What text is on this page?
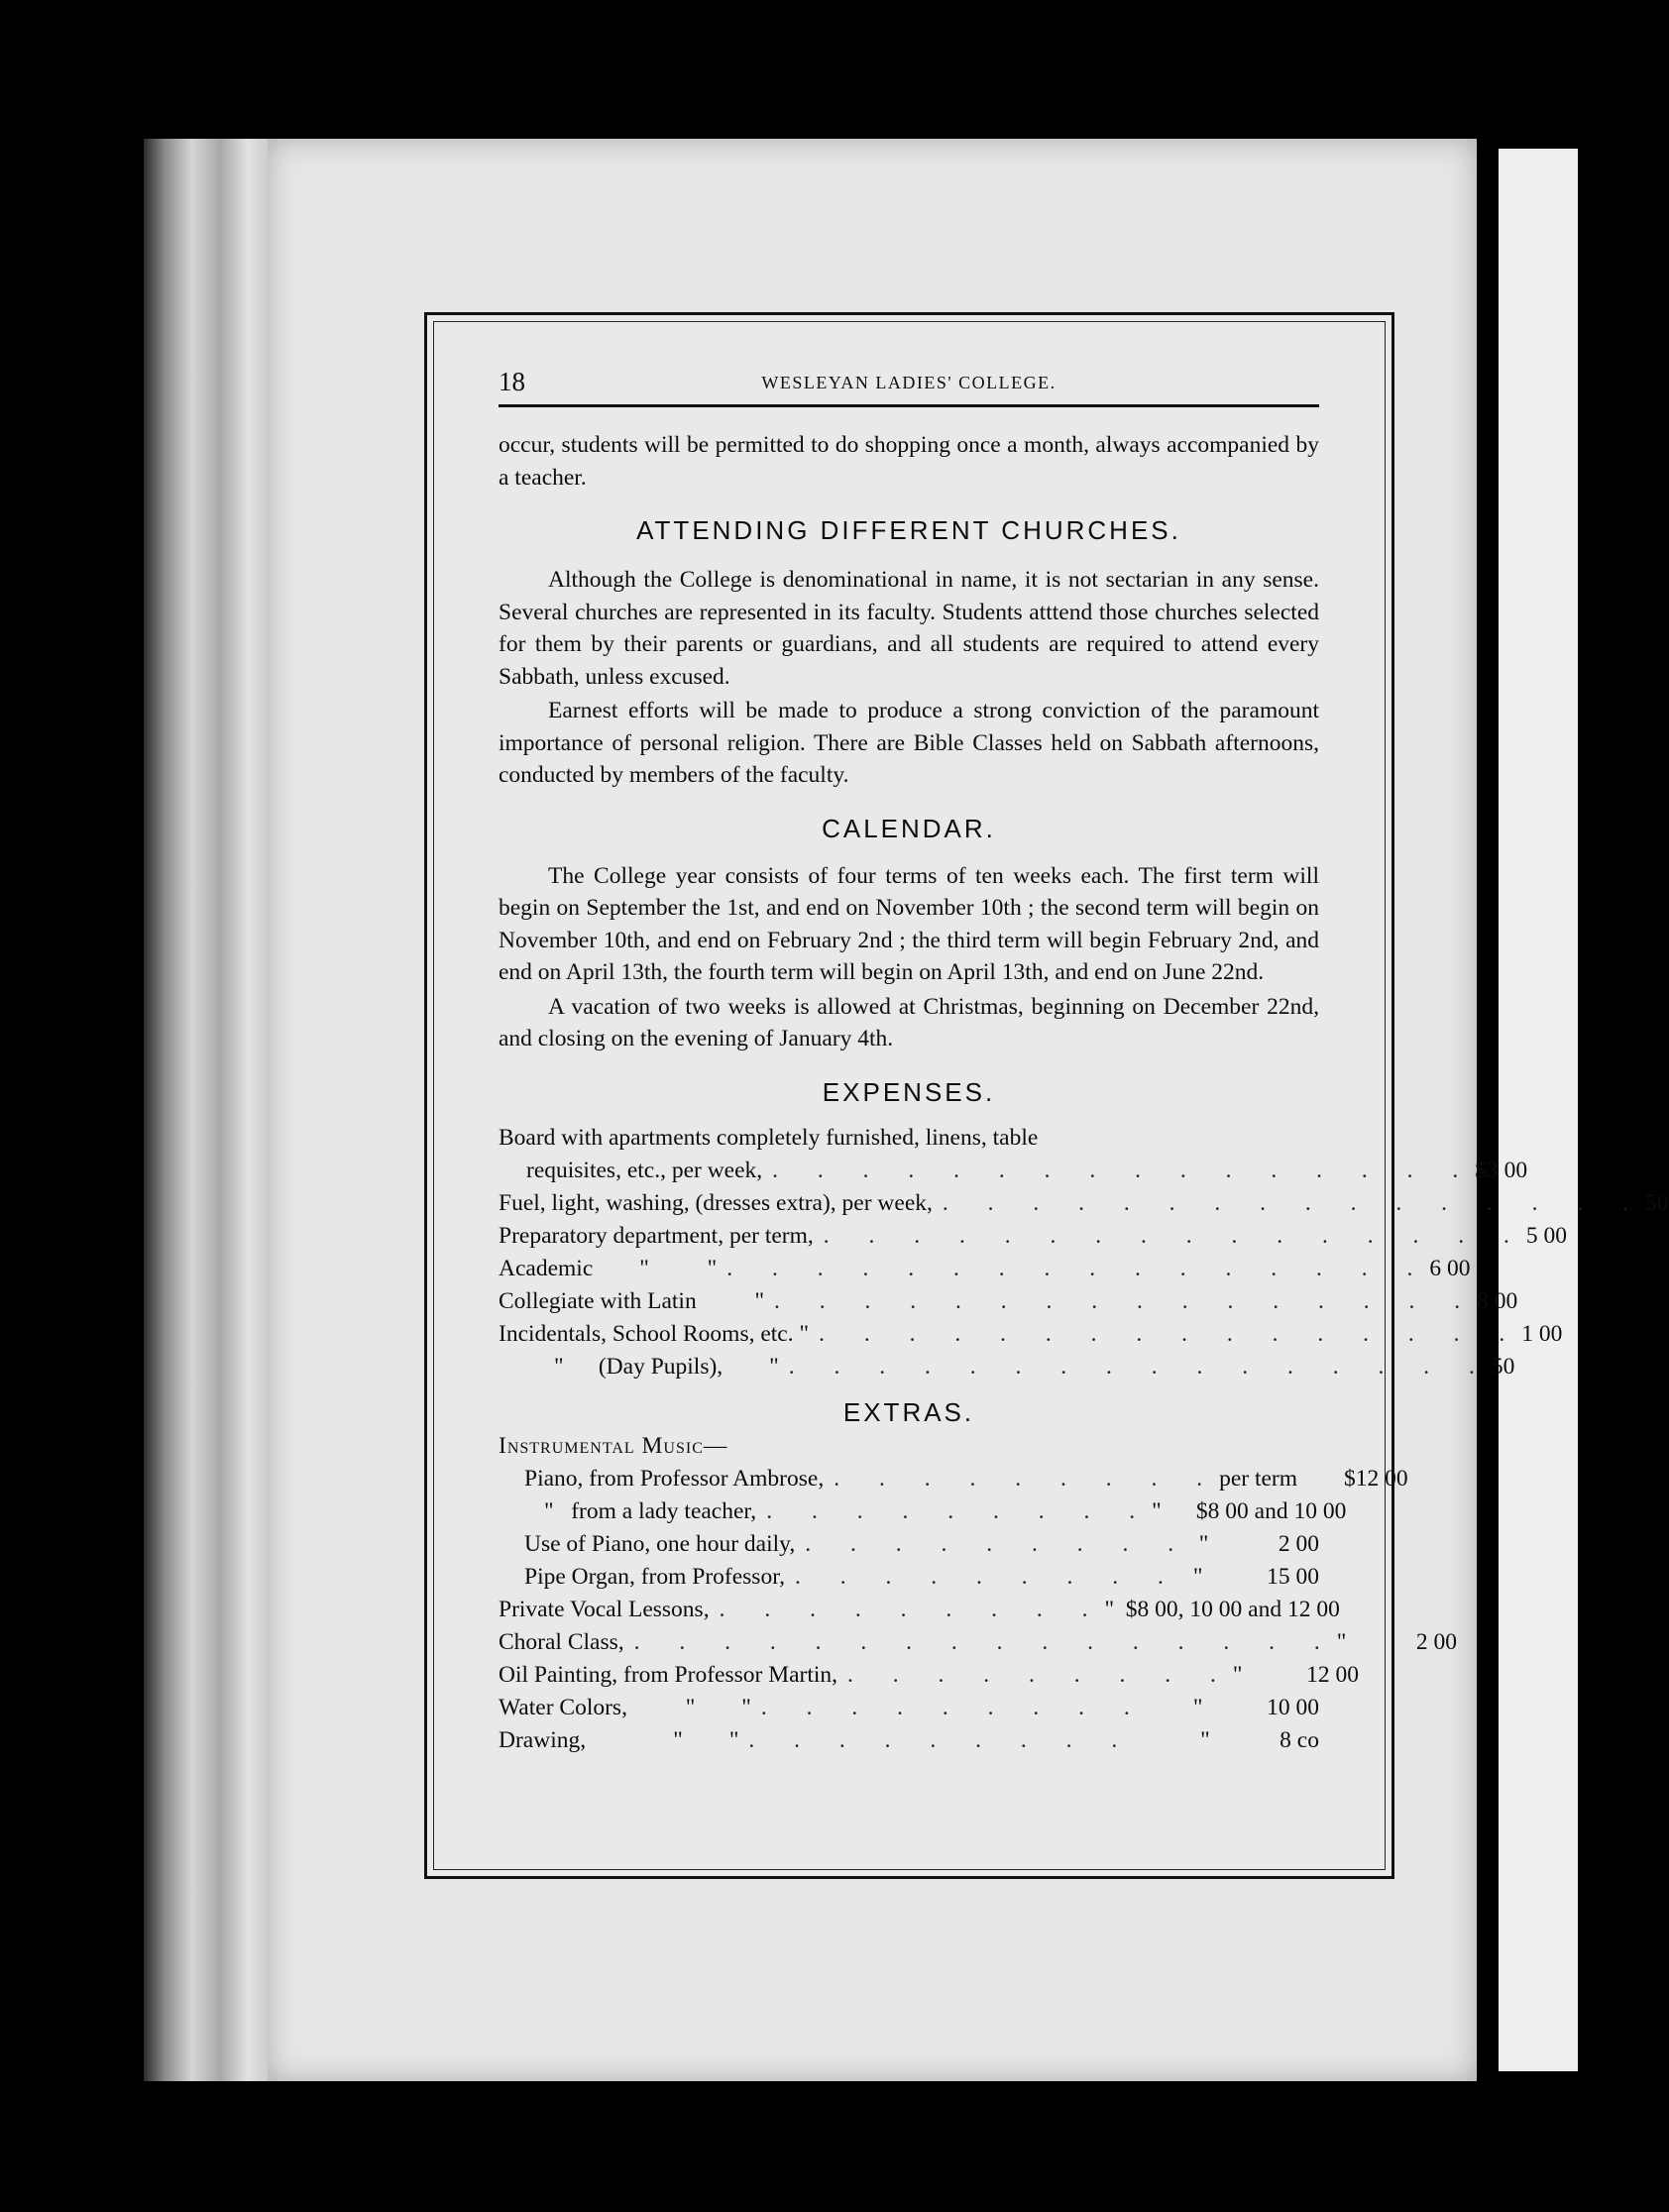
18	WESLEYAN LADIES' COLLEGE.

occur, students will be permitted to do shopping once a month, always accompanied by a teacher.

ATTENDING DIFFERENT CHURCHES.

Although the College is denominational in name, it is not sectarian in any sense. Several churches are represented in its faculty. Students atttend those churches selected for them by their parents or guardians, and all students are required to attend every Sabbath, unless excused.

Earnest efforts will be made to produce a strong conviction of the paramount importance of personal religion. There are Bible Classes held on Sabbath afternoons, conducted by members of the faculty.

CALENDAR.

The College year consists of four terms of ten weeks each. The first term will begin on September the 1st, and end on November 10th ; the second term will begin on November 10th, and end on February 2nd ; the third term will begin February 2nd, and end on April 13th, the fourth term will begin on April 13th, and end on June 22nd.

A vacation of two weeks is allowed at Christmas, beginning on December 22nd, and closing on the evening of January 4th.

EXPENSES.
Board with apartments completely furnished, linens, table
requisites, etc., per week, . . . . . . . . . . . . . . . . $3 00
Fuel, light, washing, (dresses extra), per week, . . . . . . . . . . . . . . . . 50
Preparatory department, per term, . . . . . . . . . . . . . . . . 5 00
Academic        "          " . . . . . . . . . . . . . . . . 6 00
Collegiate with Latin          " . . . . . . . . . . . . . . . . 8 00
Incidentals, School Rooms, etc. " . . . . . . . . . . . . . . . . 1 00
"      (Day Pupils),        " . . . . . . . . . . . . . . . . 50
EXTRAS.
Instrumental Music—
Piano, from Professor Ambrose, . . . . . . . . . per term        $12 00
"   from a lady teacher, . . . . . . . . . "      $8 00 and 10 00
Use of Piano, one hour daily, . . . . . . . . . "            2 00
Pipe Organ, from Professor, . . . . . . . . . "           15 00
Private Vocal Lessons, . . . . . . . . . "  $8 00, 10 00 and 12 00
Choral Class, . . . . . . . . . . . . . . . . "            2 00
Oil Painting, from Professor Martin, . . . . . . . . . "           12 00
Water Colors,          "        " . . . . . . . . .	"           10 00
Drawing,               "        " . . . . . . . . .	"            8 co
